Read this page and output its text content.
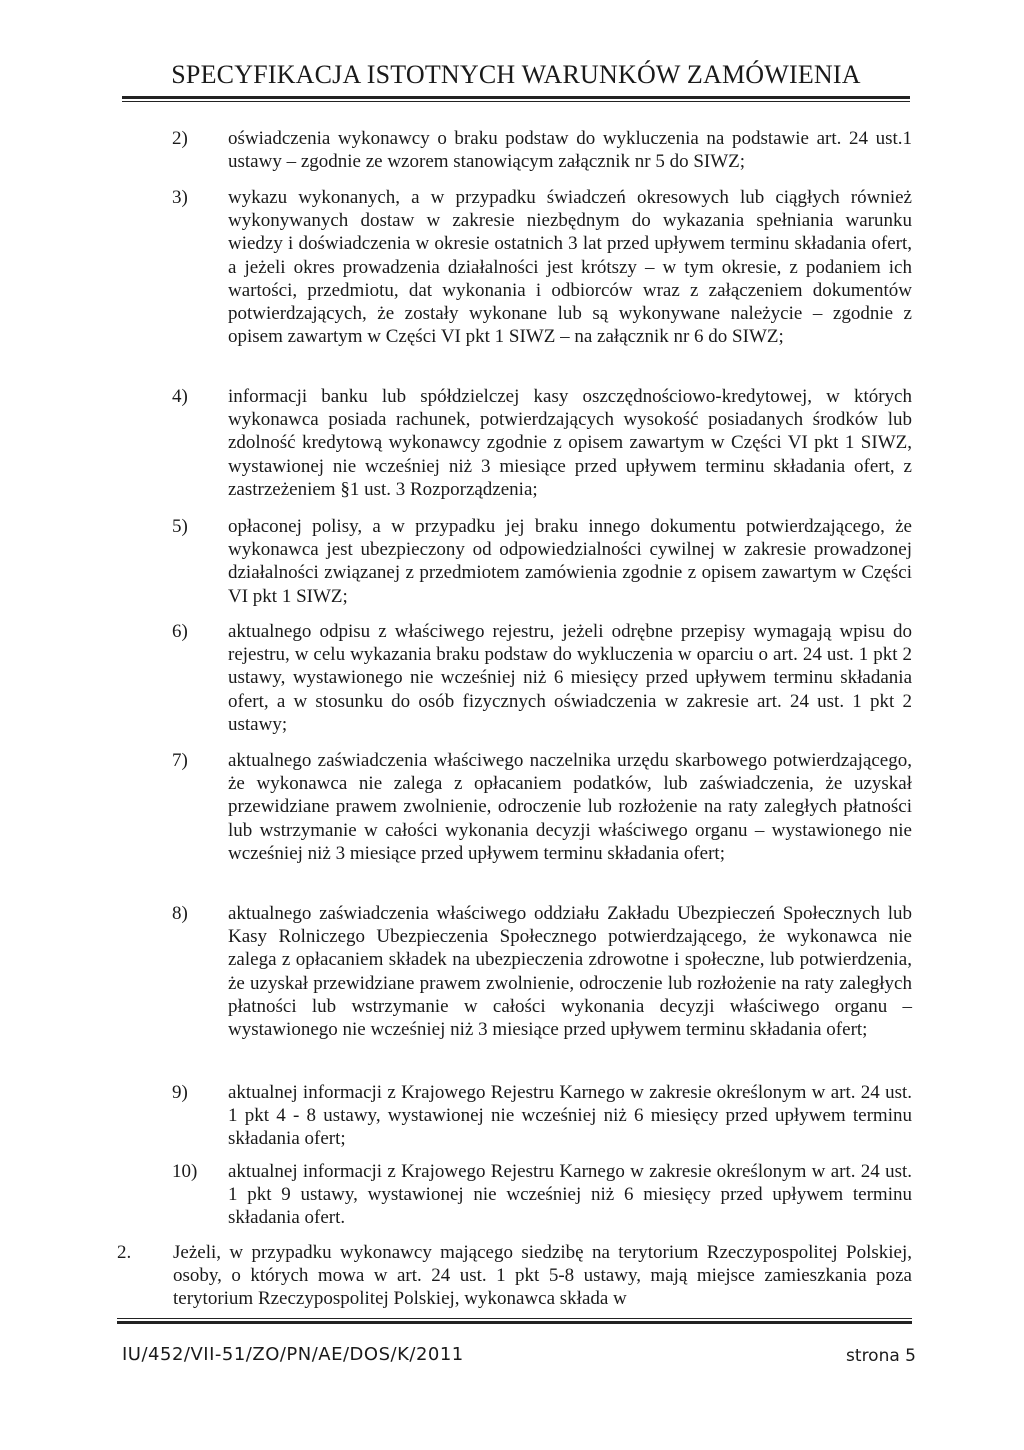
SPECYFIKACJA ISTOTNYCH WARUNKÓW ZAMÓWIENIA
2)	oświadczenia wykonawcy o braku podstaw do wykluczenia na podstawie art. 24 ust.1 ustawy – zgodnie ze wzorem stanowiącym załącznik nr 5 do SIWZ;
3)	wykazu wykonanych, a w przypadku świadczeń okresowych lub ciągłych również wykonywanych dostaw w zakresie niezbędnym do wykazania spełniania warunku wiedzy i doświadczenia w okresie ostatnich 3 lat przed upływem terminu składania ofert, a jeżeli okres prowadzenia działalności jest krótszy – w tym okresie, z podaniem ich wartości, przedmiotu, dat wykonania i odbiorców wraz z załączeniem dokumentów potwierdzających, że zostały wykonane lub są wykonywane należycie – zgodnie z opisem zawartym w Części VI pkt 1 SIWZ – na załącznik nr 6 do SIWZ;
4)	informacji banku lub spółdzielczej kasy oszczędnościowo-kredytowej, w których wykonawca posiada rachunek, potwierdzających wysokość posiadanych środków lub zdolność kredytową wykonawcy zgodnie z opisem zawartym w Części VI pkt 1 SIWZ, wystawionej nie wcześniej niż 3 miesiące przed upływem terminu składania ofert, z zastrzeżeniem §1 ust. 3 Rozporządzenia;
5)	opłaconej polisy, a w przypadku jej braku innego dokumentu potwierdzającego, że wykonawca jest ubezpieczony od odpowiedzialności cywilnej w zakresie prowadzonej działalności związanej z przedmiotem zamówienia zgodnie z opisem zawartym w Części VI pkt 1 SIWZ;
6)	aktualnego odpisu z właściwego rejestru, jeżeli odrębne przepisy wymagają wpisu do rejestru, w celu wykazania braku podstaw do wykluczenia w oparciu o art. 24 ust. 1 pkt 2 ustawy, wystawionego nie wcześniej niż 6 miesięcy przed upływem terminu składania ofert, a w stosunku do osób fizycznych oświadczenia w zakresie art. 24 ust. 1 pkt 2 ustawy;
7)	aktualnego zaświadczenia właściwego naczelnika urzędu skarbowego potwierdzającego, że wykonawca nie zalega z opłacaniem podatków, lub zaświadczenia, że uzyskał przewidziane prawem zwolnienie, odroczenie lub rozłożenie na raty zaległych płatności lub wstrzymanie w całości wykonania decyzji właściwego organu – wystawionego nie wcześniej niż 3 miesiące przed upływem terminu składania ofert;
8)	aktualnego zaświadczenia właściwego oddziału Zakładu Ubezpieczeń Społecznych lub Kasy Rolniczego Ubezpieczenia Społecznego potwierdzającego, że wykonawca nie zalega z opłacaniem składek na ubezpieczenia zdrowotne i społeczne, lub potwierdzenia, że uzyskał przewidziane prawem zwolnienie, odroczenie lub rozłożenie na raty zaległych płatności lub wstrzymanie w całości wykonania decyzji właściwego organu – wystawionego nie wcześniej niż 3 miesiące przed upływem terminu składania ofert;
9)	aktualnej informacji z Krajowego Rejestru Karnego w zakresie określonym w art. 24 ust. 1 pkt 4 - 8 ustawy, wystawionej nie wcześniej niż 6 miesięcy przed upływem terminu składania ofert;
10)	aktualnej informacji z Krajowego Rejestru Karnego w zakresie określonym w art. 24 ust. 1 pkt 9 ustawy, wystawionej nie wcześniej niż 6 miesięcy przed upływem terminu składania ofert.
2.	Jeżeli, w przypadku wykonawcy mającego siedzibę na terytorium Rzeczypospolitej Polskiej, osoby, o których mowa w art. 24 ust. 1 pkt 5-8 ustawy, mają miejsce zamieszkania poza terytorium Rzeczypospolitej Polskiej, wykonawca składa w
IU/452/VII-51/ZO/PN/AE/DOS/K/2011	strona 5
